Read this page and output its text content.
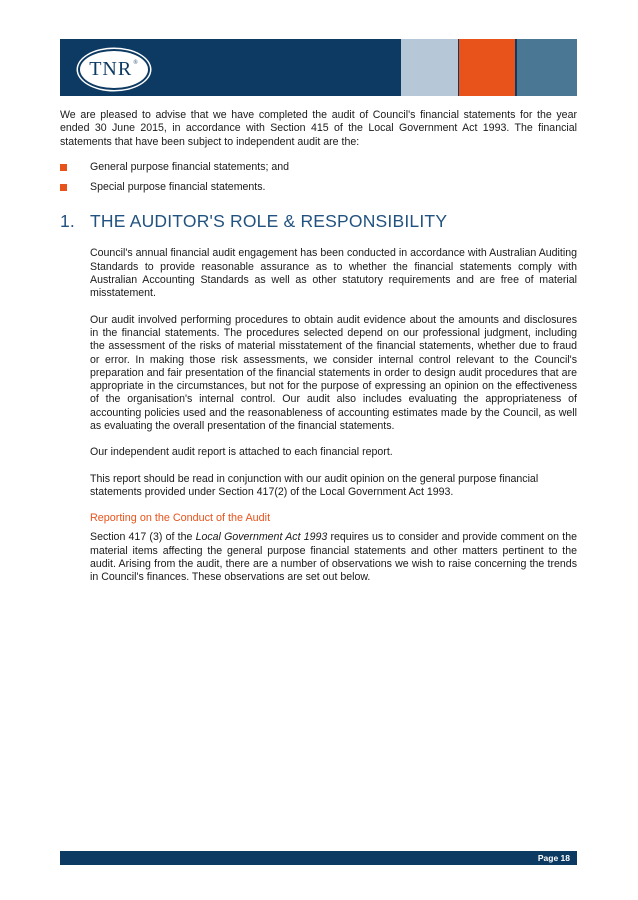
TNR®

We are pleased to advise that we have completed the audit of Council's financial statements for the year ended 30 June 2015, in accordance with Section 415 of the Local Government Act 1993. The financial statements that have been subject to independent audit are the:

General purpose financial statements; and
Special purpose financial statements.
1. THE AUDITOR'S ROLE & RESPONSIBILITY

Council's annual financial audit engagement has been conducted in accordance with Australian Auditing Standards to provide reasonable assurance as to whether the financial statements comply with Australian Accounting Standards as well as other statutory requirements and are free of material misstatement.

Our audit involved performing procedures to obtain audit evidence about the amounts and disclosures in the financial statements. The procedures selected depend on our professional judgment, including the assessment of the risks of material misstatement of the financial statements, whether due to fraud or error. In making those risk assessments, we consider internal control relevant to the Council's preparation and fair presentation of the financial statements in order to design audit procedures that are appropriate in the circumstances, but not for the purpose of expressing an opinion on the effectiveness of the organisation's internal control. Our audit also includes evaluating the appropriateness of accounting policies used and the reasonableness of accounting estimates made by the Council, as well as evaluating the overall presentation of the financial statements.

Our independent audit report is attached to each financial report.

This report should be read in conjunction with our audit opinion on the general purpose financial statements provided under Section 417(2) of the Local Government Act 1993.

Reporting on the Conduct of the Audit

Section 417 (3) of the Local Government Act 1993 requires us to consider and provide comment on the material items affecting the general purpose financial statements and other matters pertinent to the audit. Arising from the audit, there are a number of observations we wish to raise concerning the trends in Council's finances. These observations are set out below.

Page 18
